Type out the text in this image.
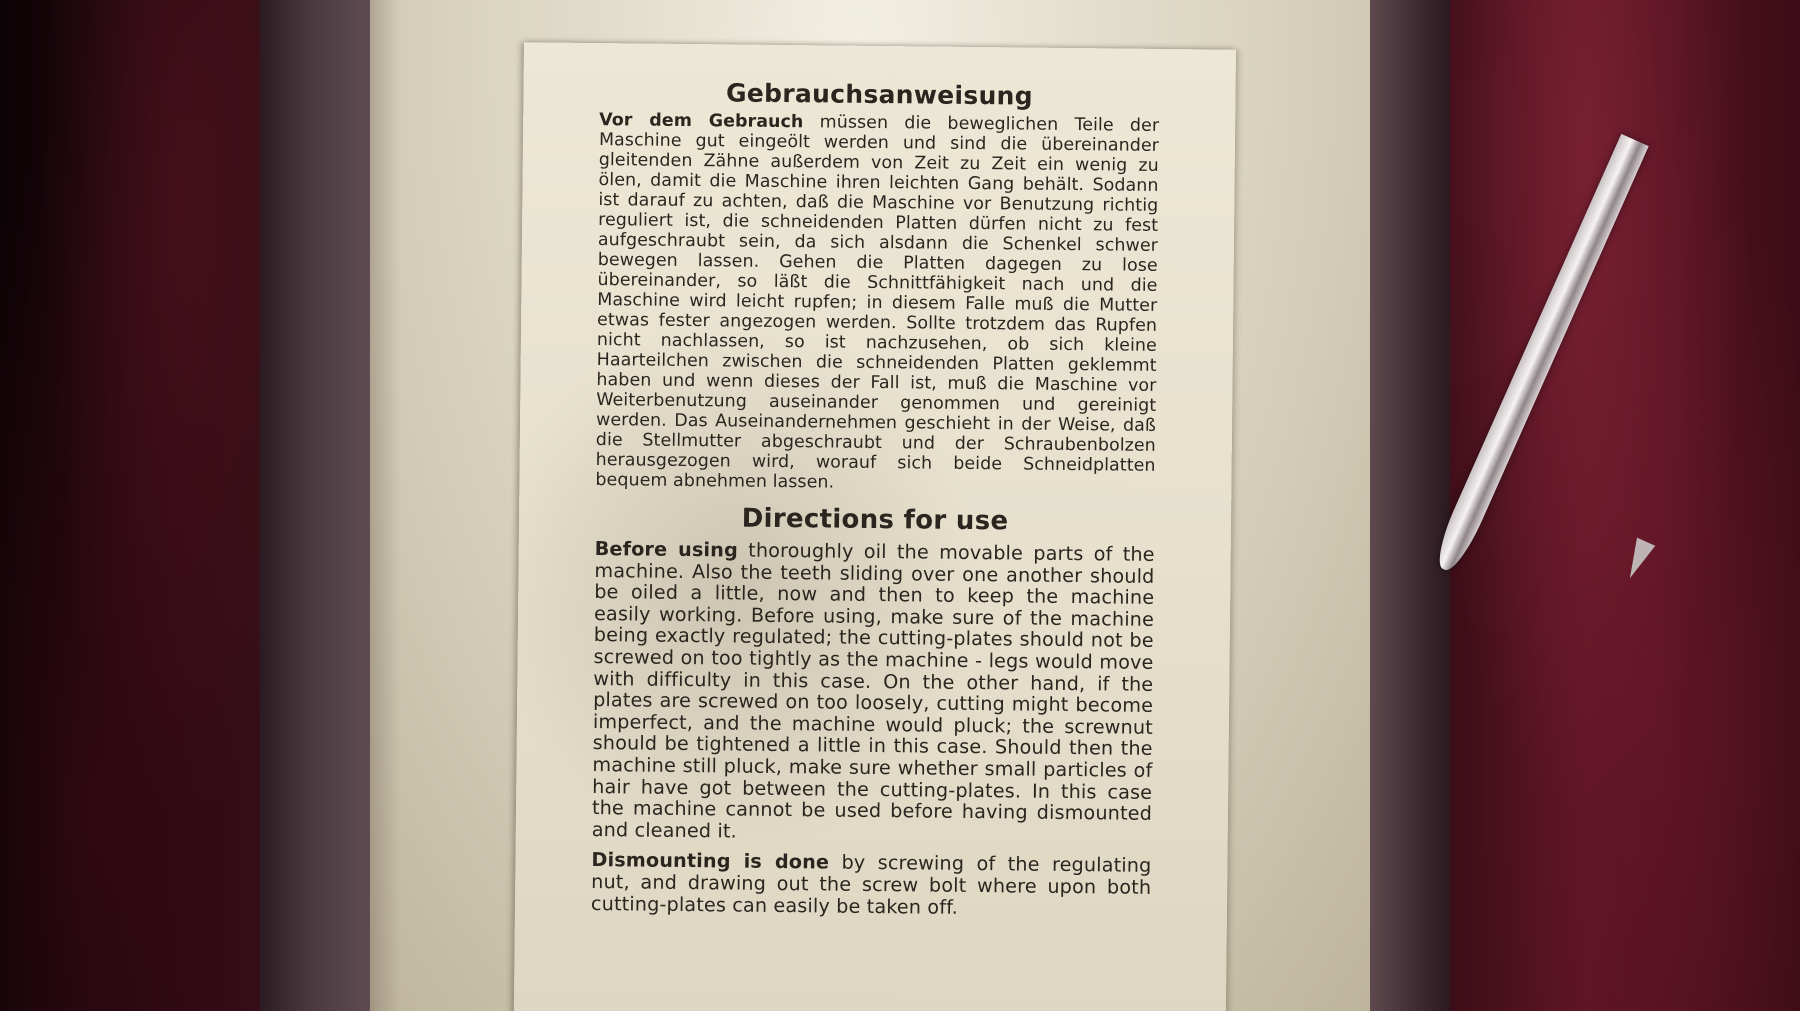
Gebrauchsanweisung

Vor dem Gebrauch müssen die beweglichen Teile der Maschine gut eingeölt werden und sind die übereinander gleitenden Zähne außerdem von Zeit zu Zeit ein wenig zu ölen, damit die Maschine ihren leichten Gang behält. Sodann ist darauf zu achten, daß die Maschine vor Benutzung richtig reguliert ist, die schneidenden Platten dürfen nicht zu fest aufgeschraubt sein, da sich alsdann die Schenkel schwer bewegen lassen. Gehen die Platten dagegen zu lose übereinander, so läßt die Schnittfähigkeit nach und die Maschine wird leicht rupfen; in diesem Falle muß die Mutter etwas fester angezogen werden. Sollte trotzdem das Rupfen nicht nachlassen, so ist nachzusehen, ob sich kleine Haarteilchen zwischen die schneidenden Platten geklemmt haben und wenn dieses der Fall ist, muß die Maschine vor Weiterbenutzung auseinander genommen und gereinigt werden. Das Auseinandernehmen geschieht in der Weise, daß die Stellmutter abgeschraubt und der Schraubenbolzen herausgezogen wird, worauf sich beide Schneidplatten bequem abnehmen lassen.

Directions for use

Before using thoroughly oil the movable parts of the machine. Also the teeth sliding over one another should be oiled a little, now and then to keep the machine easily working. Before using, make sure of the machine being exactly regulated; the cutting-plates should not be screwed on too tightly as the machine - legs would move with difficulty in this case. On the other hand, if the plates are screwed on too loosely, cutting might become imperfect, and the machine would pluck; the screwnut should be tightened a little in this case. Should then the machine still pluck, make sure whether small particles of hair have got between the cutting-plates. In this case the machine cannot be used before having dismounted and cleaned it.

Dismounting is done by screwing of the regulating nut, and drawing out the screw bolt where upon both cutting-plates can easily be taken off.
